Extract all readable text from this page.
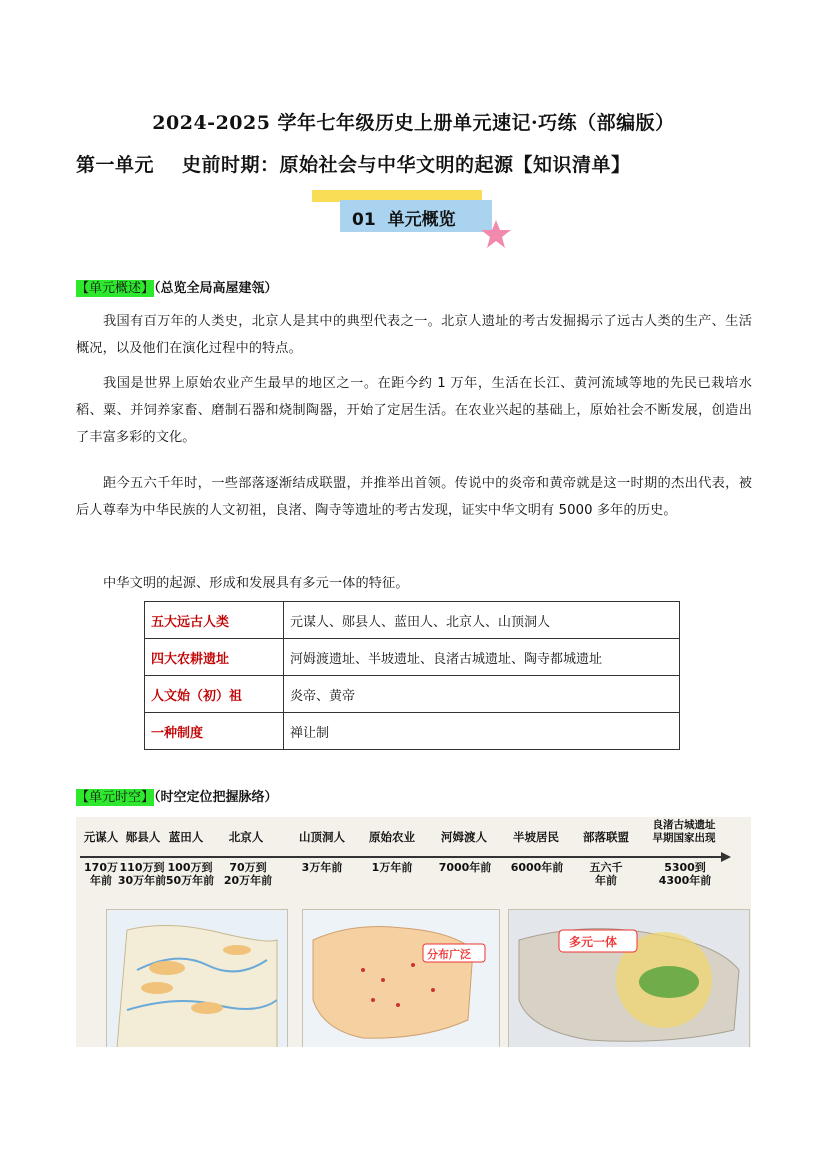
2024-2025 学年七年级历史上册单元速记·巧练（部编版）
第一单元 史前时期：原始社会与中华文明的起源【知识清单】
01 单元概览
【单元概述】（总览全局高屋建瓴）
我国有百万年的人类史，北京人是其中的典型代表之一。北京人遗址的考古发掘揭示了远古人类的生产、生活概况，以及他们在演化过程中的特点。
我国是世界上原始农业产生最早的地区之一。在距今约 1 万年，生活在长江、黄河流域等地的先民已栽培水稻、粟、并饲养家畜、磨制石器和烧制陶器，开始了定居生活。在农业兴起的基础上，原始社会不断发展，创造出了丰富多彩的文化。
距今五六千年时，一些部落逐渐结成联盟，并推举出首领。传说中的炎帝和黄帝就是这一时期的杰出代表，被后人尊奉为中华民族的人文初祖，良渚、陶寺等遗址的考古发现，证实中华文明有 5000 多年的历史。
中华文明的起源、形成和发展具有多元一体的特征。
五大远古人类	元谋人、郧县人、蓝田人、北京人、山顶洞人
四大农耕遗址	河姆渡遗址、半坡遗址、良渚古城遗址、陶寺都城遗址
人文始（初）祖	炎帝、黄帝
一种制度	禅让制
【单元时空】（时空定位把握脉络）
元谋人 郧县人 蓝田人	北京人	山顶洞人	原始农业	河姆渡人	半坡居民	部落联盟
良渚古城遗址
早期国家出现
170万
年前
110万到
30万年前
100万到
50万年前
70万到
20万年前
3万年前	1万年前	7000年前	6000年前	五六千
年前
5300到
4300年前
分布广泛
多元一体
